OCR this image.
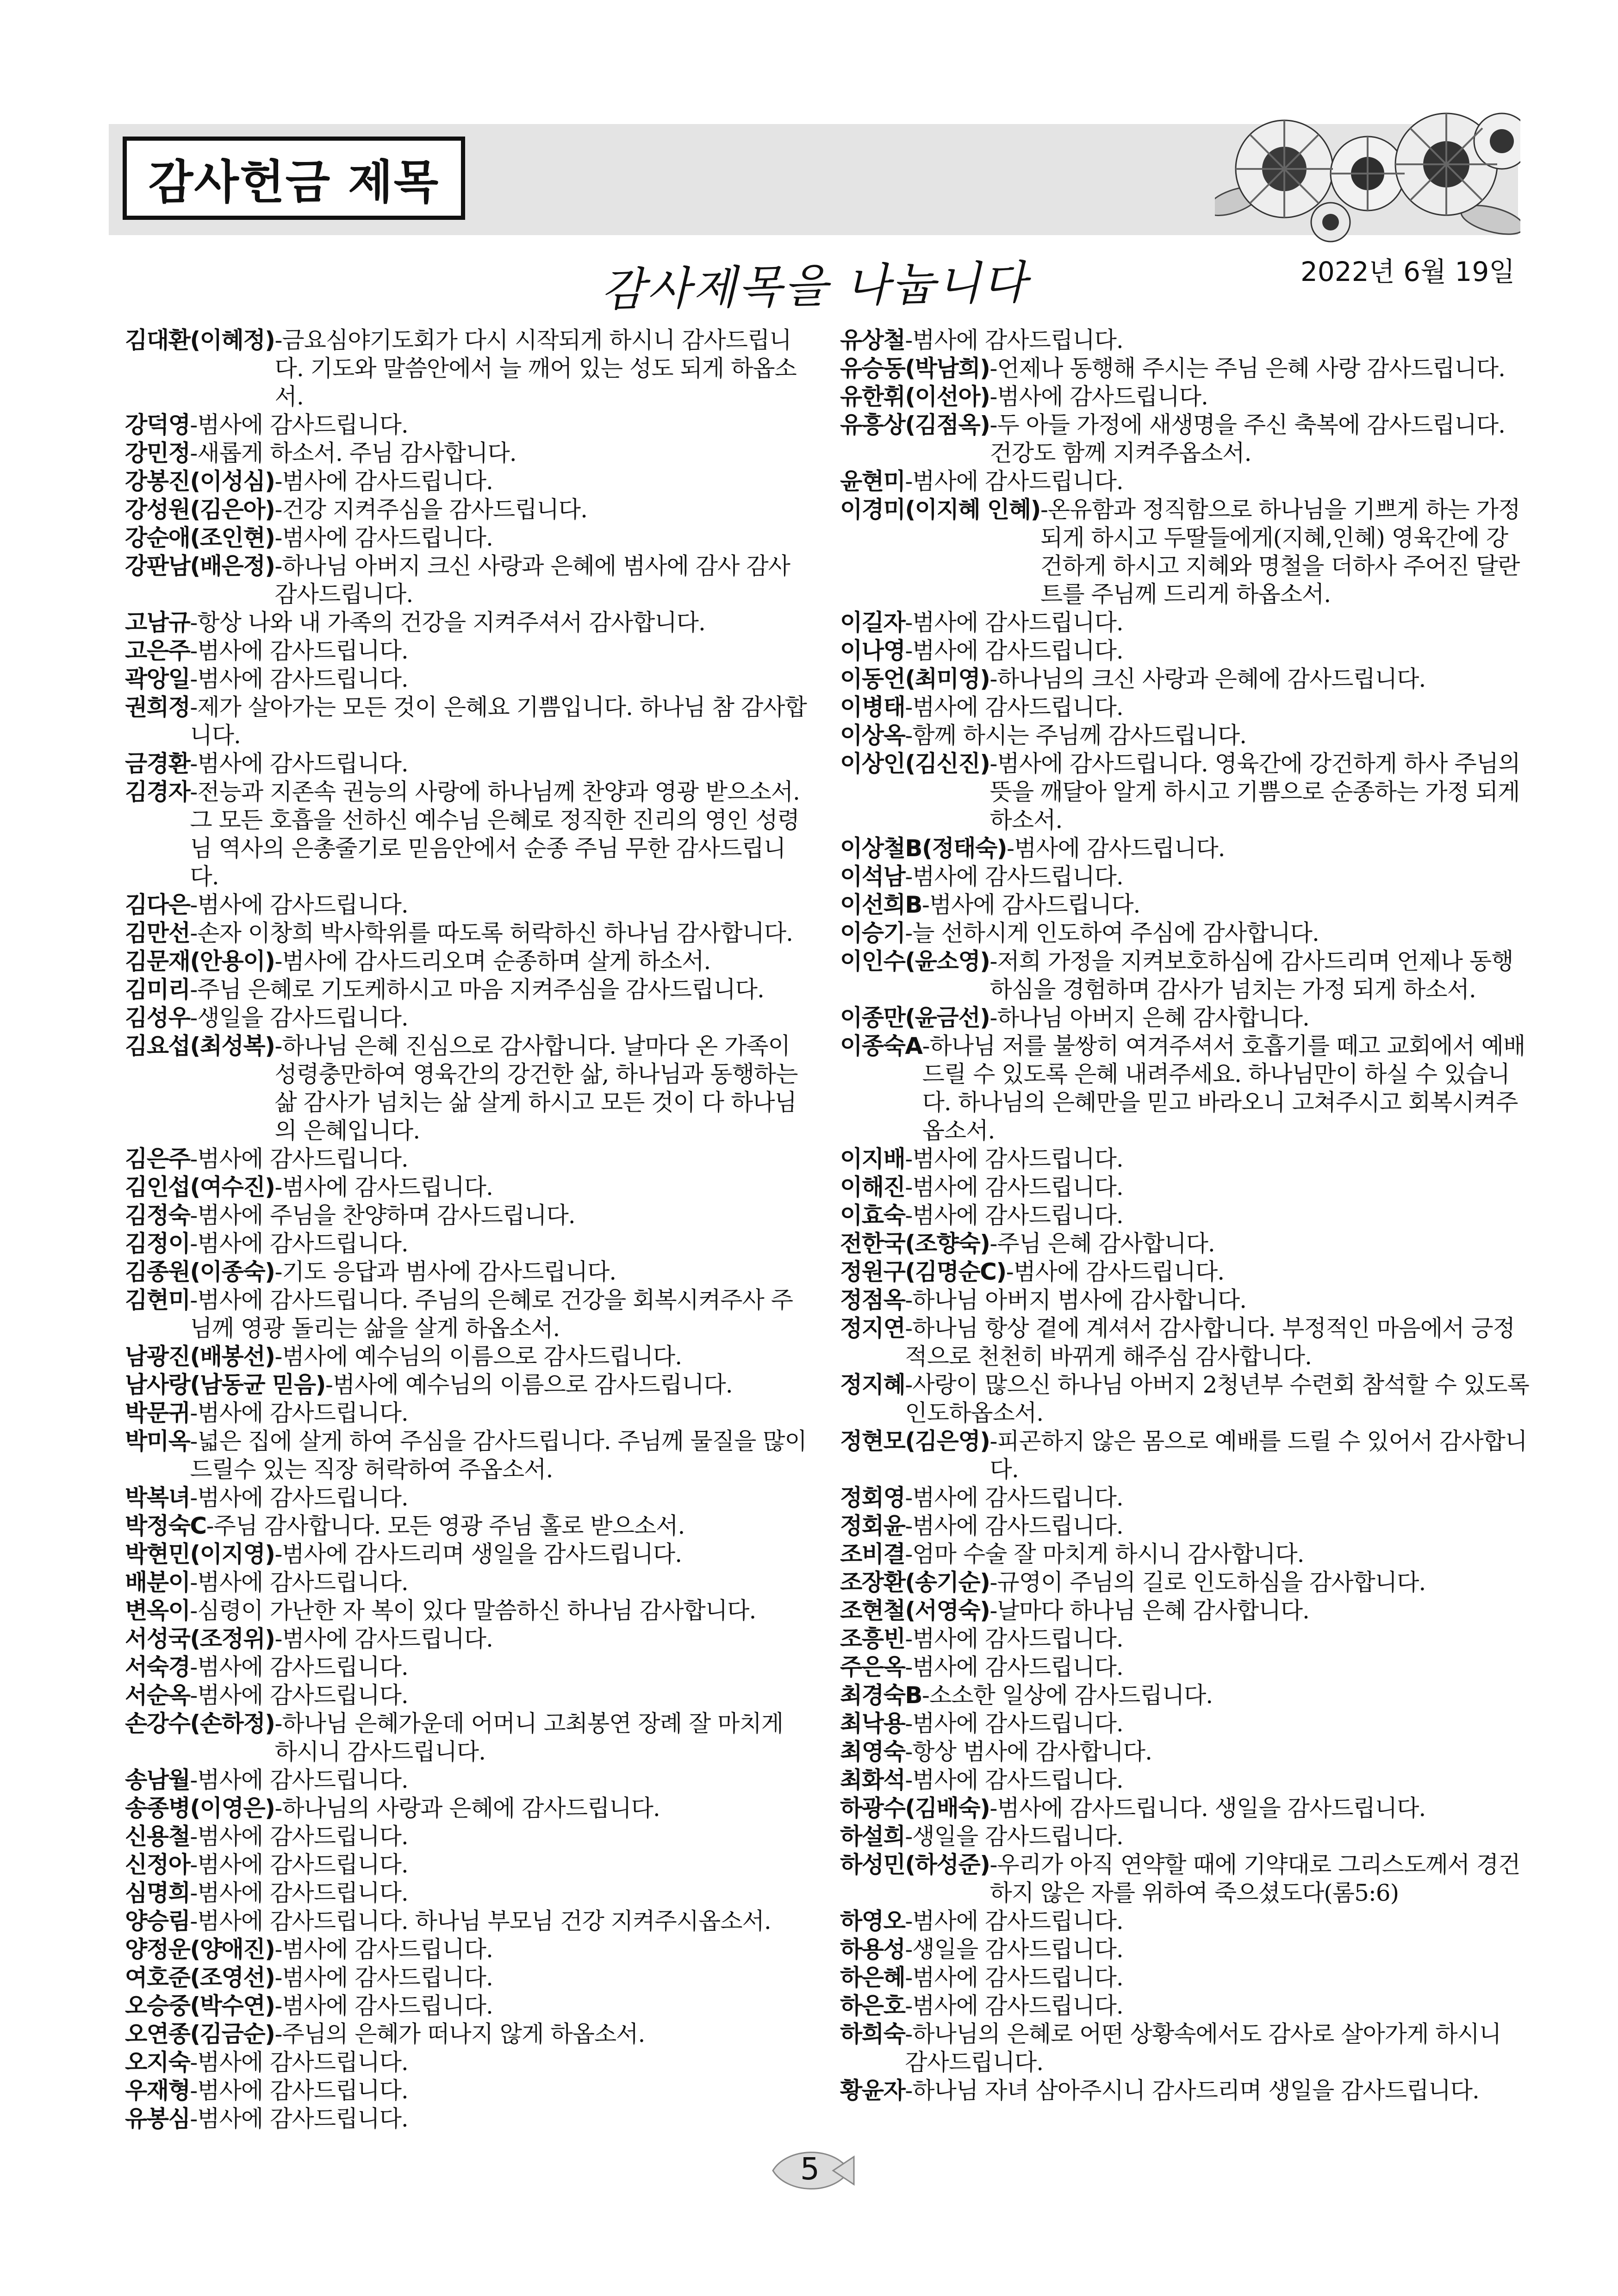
감사헌금 제목
감사제목을 나눕니다	2022년 6월 19일
김대환(이혜정) -금요심야기도회가 다시 시작되게 하시니 감사드립니다. 기도와 말씀안에서 늘 깨어 있는 성도 되게 하옵소서.
강덕영 -범사에 감사드립니다.
강민정 -새롭게 하소서. 주님 감사합니다.
강봉진(이성심) -범사에 감사드립니다.
강성원(김은아) -건강 지켜주심을 감사드립니다.
강순애(조인현) -범사에 감사드립니다.
강판남(배은정) -하나님 아버지 크신 사랑과 은혜에 범사에 감사 감사 감사드립니다.
고남규 -항상 나와 내 가족의 건강을 지켜주셔서 감사합니다.
고은주 -범사에 감사드립니다.
곽앙일 -범사에 감사드립니다.
권희정 -제가 살아가는 모든 것이 은혜요 기쁨입니다. 하나님 참 감사합니다.
금경환 -범사에 감사드립니다.
김경자 -전능과 지존속 권능의 사랑에 하나님께 찬양과 영광 받으소서. 그 모든 호흡을 선하신 예수님 은혜로 정직한 진리의 영인 성령님 역사의 은총줄기로 믿음안에서 순종 주님 무한 감사드립니다.
김다은 -범사에 감사드립니다.
김만선 -손자 이창희 박사학위를 따도록 허락하신 하나님 감사합니다.
김문재(안용이) -범사에 감사드리오며 순종하며 살게 하소서.
김미리 -주님 은혜로 기도케하시고 마음 지켜주심을 감사드립니다.
김성우 -생일을 감사드립니다.
김요섭(최성복) -하나님 은혜 진심으로 감사합니다. 날마다 온 가족이 성령충만하여 영육간의 강건한 삶, 하나님과 동행하는 삶 감사가 넘치는 삶 살게 하시고 모든 것이 다 하나님의 은혜입니다.
김은주 -범사에 감사드립니다.
김인섭(여수진) -범사에 감사드립니다.
김정숙 -범사에 주님을 찬양하며 감사드립니다.
김정이 -범사에 감사드립니다.
김종원(이종숙) -기도 응답과 범사에 감사드립니다.
김현미 -범사에 감사드립니다. 주님의 은혜로 건강을 회복시켜주사 주님께 영광 돌리는 삶을 살게 하옵소서.
남광진(배봉선) -범사에 예수님의 이름으로 감사드립니다.
남사랑(남동균 믿음) -범사에 예수님의 이름으로 감사드립니다.
박문귀 -범사에 감사드립니다.
박미옥 -넓은 집에 살게 하여 주심을 감사드립니다. 주님께 물질을 많이 드릴수 있는 직장 허락하여 주옵소서.
박복녀 -범사에 감사드립니다.
박정숙C -주님 감사합니다. 모든 영광 주님 홀로 받으소서.
박현민(이지영) -범사에 감사드리며 생일을 감사드립니다.
배분이 -범사에 감사드립니다.
변옥이 -심령이 가난한 자 복이 있다 말씀하신 하나님 감사합니다.
서성국(조정위) -범사에 감사드립니다.
서숙경 -범사에 감사드립니다.
서순옥 -범사에 감사드립니다.
손강수(손하정) -하나님 은혜가운데 어머니 고최봉연 장례 잘 마치게 하시니 감사드립니다.
송남월 -범사에 감사드립니다.
송종병(이영은) -하나님의 사랑과 은혜에 감사드립니다.
신용철 -범사에 감사드립니다.
신정아 -범사에 감사드립니다.
심명희 -범사에 감사드립니다.
양승림 -범사에 감사드립니다. 하나님 부모님 건강 지켜주시옵소서.
양정운(양애진) -범사에 감사드립니다.
여호준(조영선) -범사에 감사드립니다.
오승중(박수연) -범사에 감사드립니다.
오연종(김금순) -주님의 은혜가 떠나지 않게 하옵소서.
오지숙 -범사에 감사드립니다.
우재형 -범사에 감사드립니다.
유봉심 -범사에 감사드립니다.
유상철 -범사에 감사드립니다.
유승동(박남희) -언제나 동행해 주시는 주님 은혜 사랑 감사드립니다.
유한휘(이선아) -범사에 감사드립니다.
유흥상(김점옥) -두 아들 가정에 새생명을 주신 축복에 감사드립니다. 건강도 함께 지켜주옵소서.
윤현미 -범사에 감사드립니다.
이경미(이지혜 인혜) -온유함과 정직함으로 하나님을 기쁘게 하는 가정되게 하시고 두딸들에게(지혜,인혜) 영육간에 강건하게 하시고 지혜와 명철을 더하사 주어진 달란트를 주님께 드리게 하옵소서.
이길자 -범사에 감사드립니다.
이나영 -범사에 감사드립니다.
이동언(최미영) -하나님의 크신 사랑과 은혜에 감사드립니다.
이병태 -범사에 감사드립니다.
이상옥 -함께 하시는 주님께 감사드립니다.
이상인(김신진) -범사에 감사드립니다. 영육간에 강건하게 하사 주님의 뜻을 깨달아 알게 하시고 기쁨으로 순종하는 가정 되게 하소서.
이상철B(정태숙) -범사에 감사드립니다.
이석남 -범사에 감사드립니다.
이선희B -범사에 감사드립니다.
이승기 -늘 선하시게 인도하여 주심에 감사합니다.
이인수(윤소영) -저희 가정을 지켜보호하심에 감사드리며 언제나 동행하심을 경험하며 감사가 넘치는 가정 되게 하소서.
이종만(윤금선) -하나님 아버지 은혜 감사합니다.
이종숙A -하나님 저를 불쌍히 여겨주셔서 호흡기를 떼고 교회에서 예배드릴 수 있도록 은혜 내려주세요. 하나님만이 하실 수 있습니다. 하나님의 은혜만을 믿고 바라오니 고쳐주시고 회복시켜주옵소서.
이지배 -범사에 감사드립니다.
이해진 -범사에 감사드립니다.
이효숙 -범사에 감사드립니다.
전한국(조향숙) -주님 은혜 감사합니다.
정원구(김명순C) -범사에 감사드립니다.
정점옥 -하나님 아버지 범사에 감사합니다.
정지연 -하나님 항상 곁에 계셔서 감사합니다. 부정적인 마음에서 긍정적으로 천천히 바뀌게 해주심 감사합니다.
정지혜 -사랑이 많으신 하나님 아버지 2청년부 수련회 참석할 수 있도록 인도하옵소서.
정현모(김은영) -피곤하지 않은 몸으로 예배를 드릴 수 있어서 감사합니다.
정회영 -범사에 감사드립니다.
정회윤 -범사에 감사드립니다.
조비결 -엄마 수술 잘 마치게 하시니 감사합니다.
조장환(송기순) -규영이 주님의 길로 인도하심을 감사합니다.
조현철(서영숙) -날마다 하나님 은혜 감사합니다.
조흥빈 -범사에 감사드립니다.
주은옥 -범사에 감사드립니다.
최경숙B -소소한 일상에 감사드립니다.
최낙용 -범사에 감사드립니다.
최영숙 -항상 범사에 감사합니다.
최화석 -범사에 감사드립니다.
하광수(김배숙) -범사에 감사드립니다. 생일을 감사드립니다.
하설희 -생일을 감사드립니다.
하성민(하성준) -우리가 아직 연약할 때에 기약대로 그리스도께서 경건하지 않은 자를 위하여 죽으셨도다(롬5:6)
하영오 -범사에 감사드립니다.
하용성 -생일을 감사드립니다.
하은혜 -범사에 감사드립니다.
하은호 -범사에 감사드립니다.
하희숙 -하나님의 은혜로 어떤 상황속에서도 감사로 살아가게 하시니 감사드립니다.
황윤자 -하나님 자녀 삼아주시니 감사드리며 생일을 감사드립니다.
5
